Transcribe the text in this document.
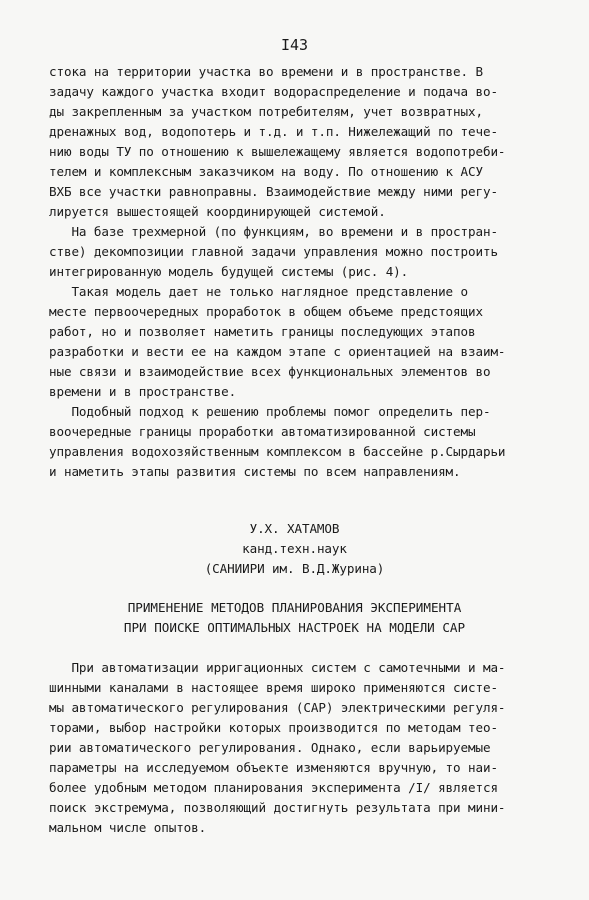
I43
стока на территории участка во времени и в пространстве. В
задачу каждого участка входит водораспределение и подача во-
ды закрепленным за участком потребителям, учет возвратных,
дренажных вод, водопотерь и т.д. и т.п. Нижележащий по тече-
нию воды ТУ по отношению к вышележащему является водопотреби-
телем и комплексным заказчиком на воду. По отношению к АСУ
ВХБ все участки равноправны. Взаимодействие между ними регу-
лируется вышестоящей координирующей системой.
На базе трехмерной (по функциям, во времени и в простран-
стве) декомпозиции главной задачи управления можно построить
интегрированную модель будущей системы (рис. 4).
Такая модель дает не только наглядное представление о
месте первоочередных проработок в общем объеме предстоящих
работ, но и позволяет наметить границы последующих этапов
разработки и вести ее на каждом этапе с ориентацией на взаим-
ные связи и взаимодействие всех функциональных элементов во
времени и в пространстве.
Подобный подход к решению проблемы помог определить пер-
воочередные границы проработки автоматизированной системы
управления водохозяйственным комплексом в бассейне р.Сырдарьи
и наметить этапы развития системы по всем направлениям.
У.Х. ХАТАМОВ
канд.техн.наук
(САНИИРИ им. В.Д.Журина)
ПРИМЕНЕНИЕ МЕТОДОВ ПЛАНИРОВАНИЯ ЭКСПЕРИМЕНТА
ПРИ ПОИСКЕ ОПТИМАЛЬНЫХ НАСТРОЕК НА МОДЕЛИ САР
При автоматизации ирригационных систем с самотечными и ма-
шинными каналами в настоящее время широко применяются систе-
мы автоматического регулирования (САР) электрическими регуля-
торами, выбор настройки которых производится по методам тео-
рии автоматического регулирования. Однако, если варьируемые
параметры на исследуемом объекте изменяются вручную, то наи-
более удобным методом планирования эксперимента /I/ является
поиск экстремума, позволяющий достигнуть результата при мини-
мальном числе опытов.
